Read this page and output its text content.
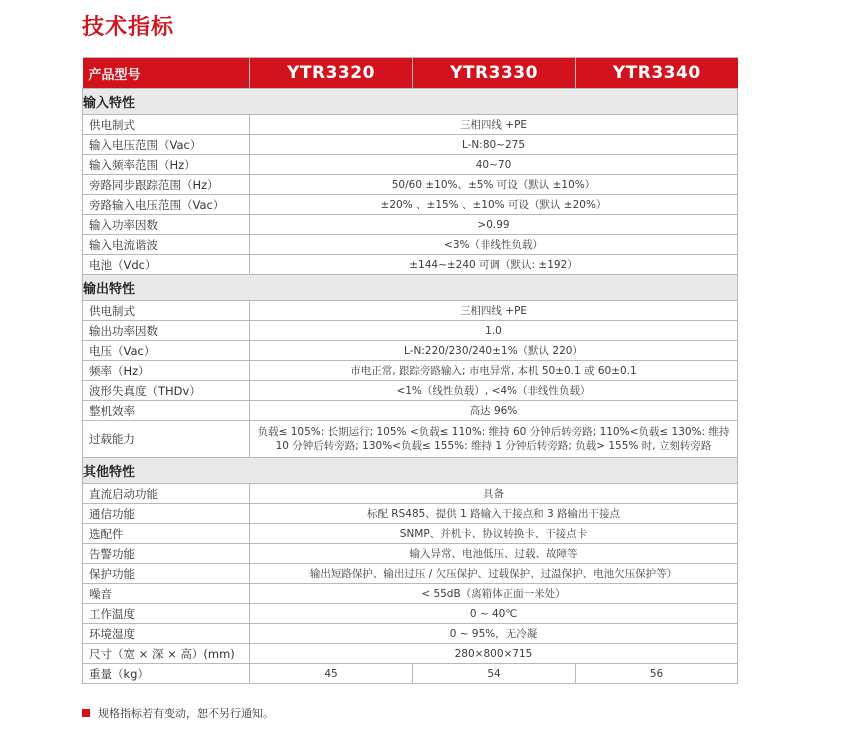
技术指标
产品型号	YTR3320	YTR3330	YTR3340
输入特性			
供电制式	三相四线 +PE		
输入电压范围（Vac）	L-N:80~275		
输入频率范围（Hz）	40~70		
旁路同步跟踪范围（Hz）	50/60 ±10%、±5% 可设（默认 ±10%）		
旁路输入电压范围（Vac）	±20% 、±15% 、±10% 可设（默认 ±20%）		
输入功率因数	>0.99		
输入电流谐波	<3%（非线性负载）		
电池（Vdc）	±144~±240 可调（默认: ±192）		
输出特性			
供电制式	三相四线 +PE		
输出功率因数	1.0		
电压（Vac）	L-N:220/230/240±1%（默认 220）		
频率（Hz）	市电正常, 跟踪旁路输入; 市电异常, 本机 50±0.1 或 60±0.1		
波形失真度（THDv）	<1%（线性负载）, <4%（非线性负载）		
整机效率	高达 96%		
过载能力	负载≤ 105%: 长期运行; 105% <负载≤ 110%: 维持 60 分钟后转旁路; 110%<负载≤ 130%: 维持 10 分钟后转旁路; 130%<负载≤ 155%: 维持 1 分钟后转旁路; 负载> 155% 时, 立刻转旁路		
其他特性			
直流启动功能	具备		
通信功能	标配 RS485、提供 1 路输入干接点和 3 路输出干接点		
选配件	SNMP、并机卡、协议转换卡、干接点卡		
告警功能	输入异常、电池低压、过载、故障等		
保护功能	输出短路保护、输出过压 / 欠压保护、过载保护、过温保护、电池欠压保护等）		
噪音	< 55dB（离箱体正面一米处）		
工作温度	0 ~ 40℃		
环境湿度	0 ~ 95%，无冷凝		
尺寸（宽 × 深 × 高）(mm)	280×800×715		
重量（kg）	45	54	56
规格指标若有变动，恕不另行通知。
